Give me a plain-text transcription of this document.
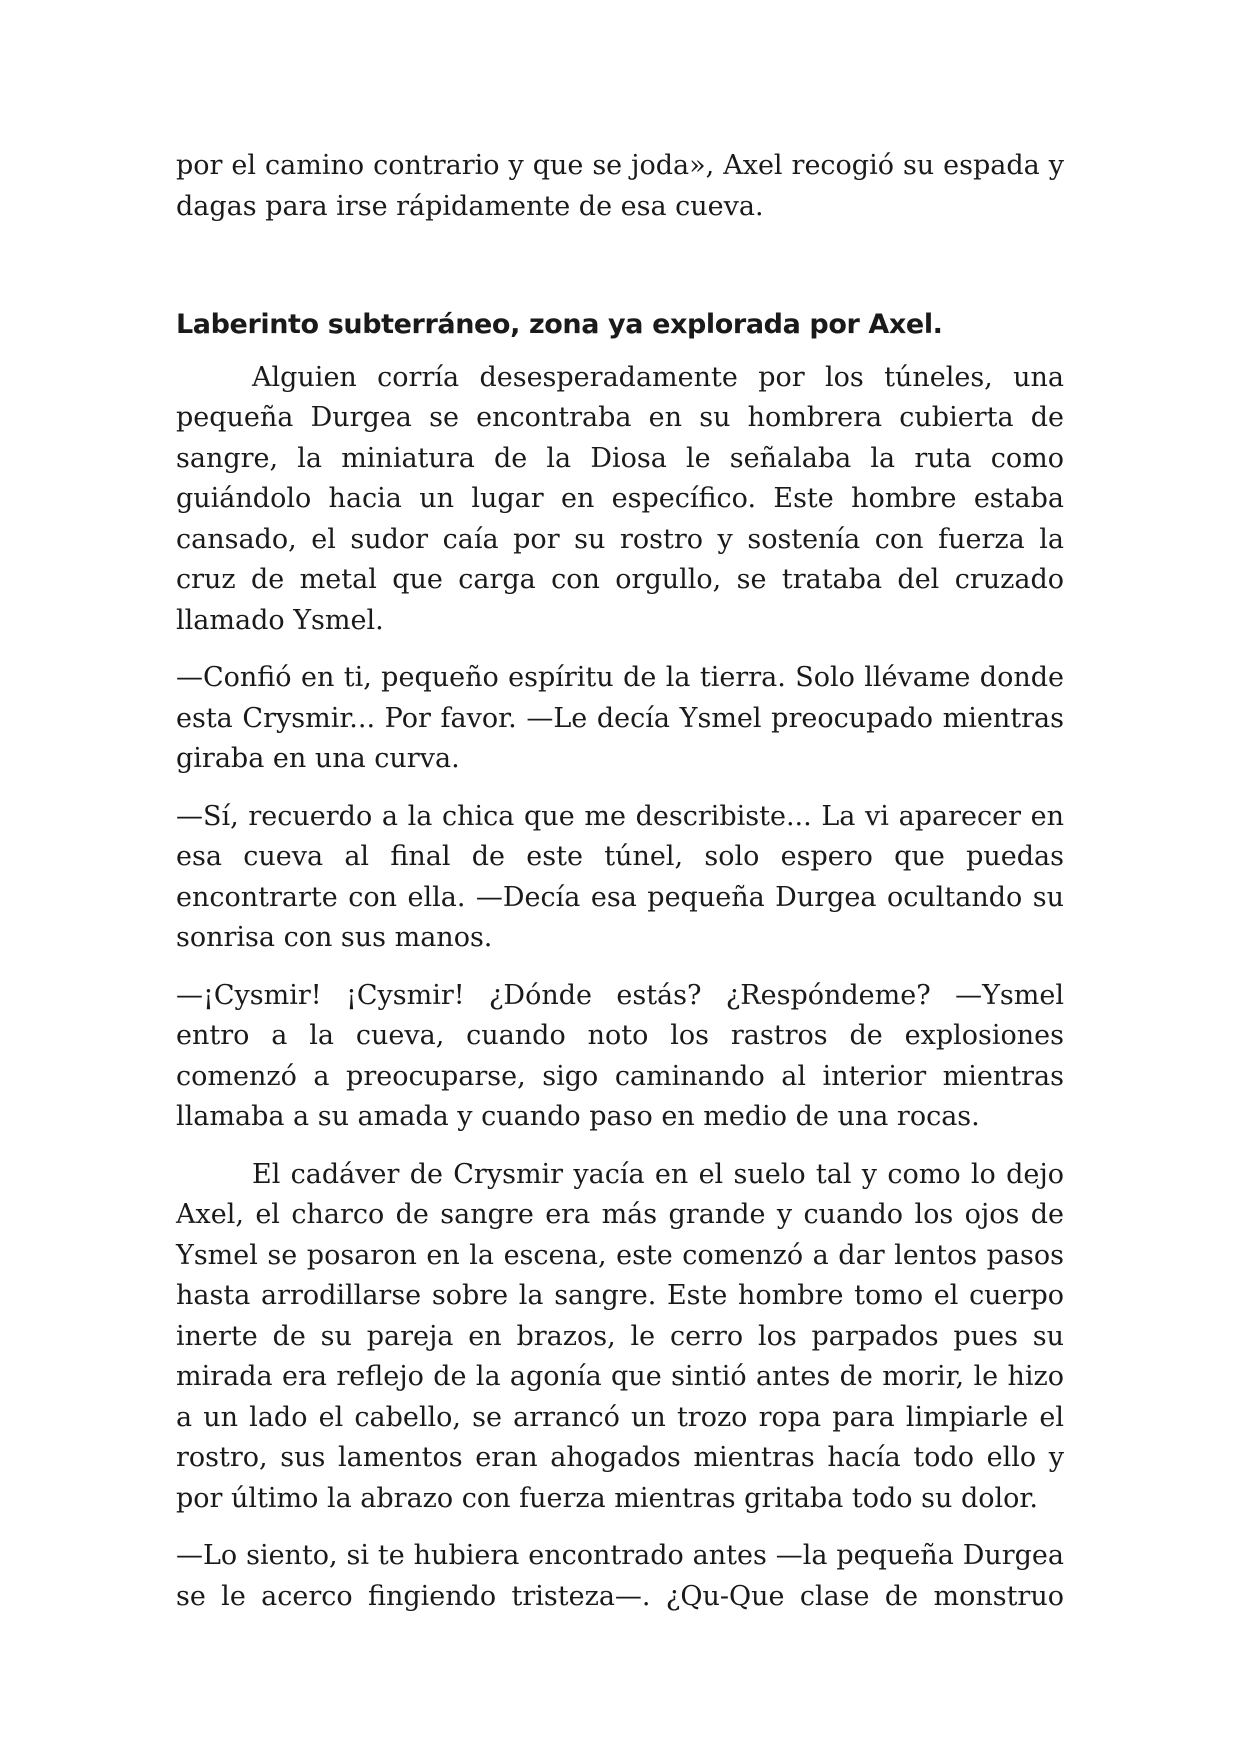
por el camino contrario y que se joda», Axel recogió su espada y dagas para irse rápidamente de esa cueva.

Laberinto subterráneo, zona ya explorada por Axel.

Alguien corría desesperadamente por los túneles, una pequeña Durgea se encontraba en su hombrera cubierta de sangre, la miniatura de la Diosa le señalaba la ruta como guiándolo hacia un lugar en específico. Este hombre estaba cansado, el sudor caía por su rostro y sostenía con fuerza la cruz de metal que carga con orgullo, se trataba del cruzado llamado Ysmel.

—Confió en ti, pequeño espíritu de la tierra. Solo llévame donde esta Crysmir... Por favor. —Le decía Ysmel preocupado mientras giraba en una curva.

—Sí, recuerdo a la chica que me describiste... La vi aparecer en esa cueva al final de este túnel, solo espero que puedas encontrarte con ella. —Decía esa pequeña Durgea ocultando su sonrisa con sus manos.

—¡Cysmir! ¡Cysmir! ¿Dónde estás? ¿Respóndeme? —Ysmel entro a la cueva, cuando noto los rastros de explosiones comenzó a preocuparse, sigo caminando al interior mientras llamaba a su amada y cuando paso en medio de una rocas.

El cadáver de Crysmir yacía en el suelo tal y como lo dejo Axel, el charco de sangre era más grande y cuando los ojos de Ysmel se posaron en la escena, este comenzó a dar lentos pasos hasta arrodillarse sobre la sangre. Este hombre tomo el cuerpo inerte de su pareja en brazos, le cerro los parpados pues su mirada era reflejo de la agonía que sintió antes de morir, le hizo a un lado el cabello, se arrancó un trozo ropa para limpiarle el rostro, sus lamentos eran ahogados mientras hacía todo ello y por último la abrazo con fuerza mientras gritaba todo su dolor.

—Lo siento, si te hubiera encontrado antes —la pequeña Durgea se le acerco fingiendo tristeza—. ¿Qu-Que clase de monstruo
